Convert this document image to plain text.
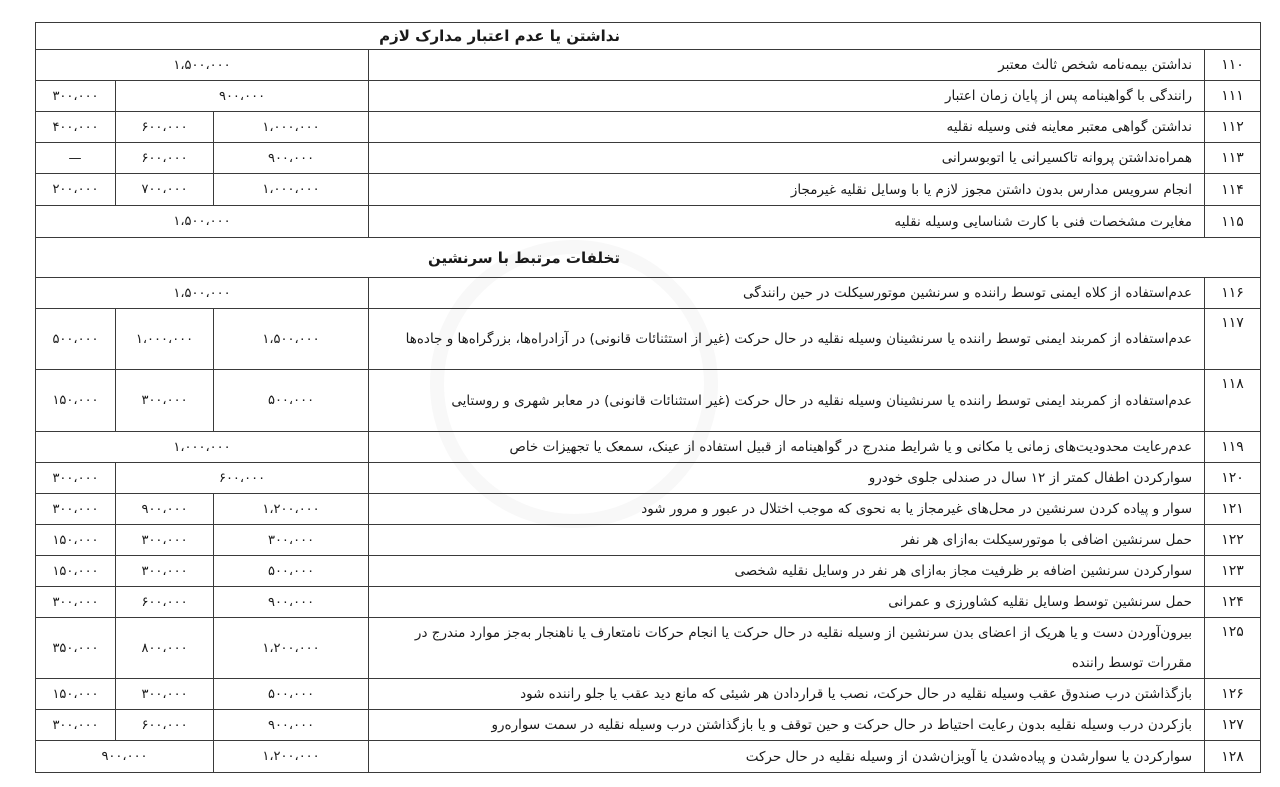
نداشتن یا عدم اعتبار مدارک لازم				
۱۱۰	نداشتن بیمه‌نامه شخص ثالث معتبر	۱،۵۰۰،۰۰۰		
۱۱۱	رانندگی با گواهینامه پس از پایان زمان اعتبار	۹۰۰،۰۰۰		۳۰۰،۰۰۰
۱۱۲	نداشتن گواهی معتبر معاینه فنی وسیله نقلیه	۱،۰۰۰،۰۰۰	۶۰۰،۰۰۰	۴۰۰،۰۰۰
۱۱۳	همراه‌نداشتن پروانه تاکسیرانی یا اتوبوسرانی	۹۰۰،۰۰۰	۶۰۰،۰۰۰	—
۱۱۴	انجام سرویس مدارس بدون داشتن مجوز لازم یا با وسایل نقلیه غیرمجاز	۱،۰۰۰،۰۰۰	۷۰۰،۰۰۰	۲۰۰،۰۰۰
۱۱۵	مغایرت مشخصات فنی با کارت شناسایی وسیله نقلیه	۱،۵۰۰،۰۰۰		
تخلفات مرتبط با سرنشین				
۱۱۶	عدم‌استفاده از کلاه ایمنی توسط راننده و سرنشین موتورسیکلت در حین رانندگی	۱،۵۰۰،۰۰۰		
۱۱۷	عدم‌استفاده از کمربند ایمنی توسط راننده یا سرنشینان وسیله نقلیه در حال حرکت (غیر از استثنائات قانونی) در آزادراه‌ها، بزرگراه‌ها و جاده‌ها	۱،۵۰۰،۰۰۰	۱،۰۰۰،۰۰۰	۵۰۰،۰۰۰
۱۱۸	عدم‌استفاده از کمربند ایمنی توسط راننده یا سرنشینان وسیله نقلیه در حال حرکت (غیر استثنائات قانونی) در معابر شهری و روستایی	۵۰۰،۰۰۰	۳۰۰،۰۰۰	۱۵۰،۰۰۰
۱۱۹	عدم‌رعایت محدودیت‌های زمانی یا مکانی و یا شرایط مندرج در گواهینامه از قبیل استفاده از عینک، سمعک یا تجهیزات خاص	۱،۰۰۰،۰۰۰		
۱۲۰	سوارکردن اطفال کمتر از ۱۲ سال در صندلی جلوی خودرو	۶۰۰،۰۰۰		۳۰۰،۰۰۰
۱۲۱	سوار و پیاده کردن سرنشین در محل‌های غیرمجاز یا به نحوی که موجب اختلال در عبور و مرور شود	۱،۲۰۰،۰۰۰	۹۰۰،۰۰۰	۳۰۰،۰۰۰
۱۲۲	حمل سرنشین اضافی با موتورسیکلت به‌ازای هر نفر	۳۰۰،۰۰۰	۳۰۰،۰۰۰	۱۵۰،۰۰۰
۱۲۳	سوارکردن سرنشین اضافه بر ظرفیت مجاز به‌ازای هر نفر در وسایل نقلیه شخصی	۵۰۰،۰۰۰	۳۰۰،۰۰۰	۱۵۰،۰۰۰
۱۲۴	حمل سرنشین توسط وسایل نقلیه کشاورزی و عمرانی	۹۰۰،۰۰۰	۶۰۰،۰۰۰	۳۰۰،۰۰۰
۱۲۵	بیرون‌آوردن دست و یا هریک از اعضای بدن سرنشین از وسیله نقلیه در حال حرکت یا انجام حرکات نامتعارف یا ناهنجار به‌جز موارد مندرج در مقررات توسط راننده	۱،۲۰۰،۰۰۰	۸۰۰،۰۰۰	۳۵۰،۰۰۰
۱۲۶	بازگذاشتن درب صندوق عقب وسیله نقلیه در حال حرکت، نصب یا قراردادن هر شیئی که مانع دید عقب یا جلو راننده شود	۵۰۰،۰۰۰	۳۰۰،۰۰۰	۱۵۰،۰۰۰
۱۲۷	بازکردن درب وسیله نقلیه بدون رعایت احتیاط در حال حرکت و حین توقف و یا بازگذاشتن درب وسیله نقلیه در سمت سواره‌رو	۹۰۰،۰۰۰	۶۰۰،۰۰۰	۳۰۰،۰۰۰
۱۲۸	سوارکردن یا سوارشدن و پیاده‌شدن یا آویزان‌شدن از وسیله نقلیه در حال حرکت	۱،۲۰۰،۰۰۰	۹۰۰،۰۰۰	
